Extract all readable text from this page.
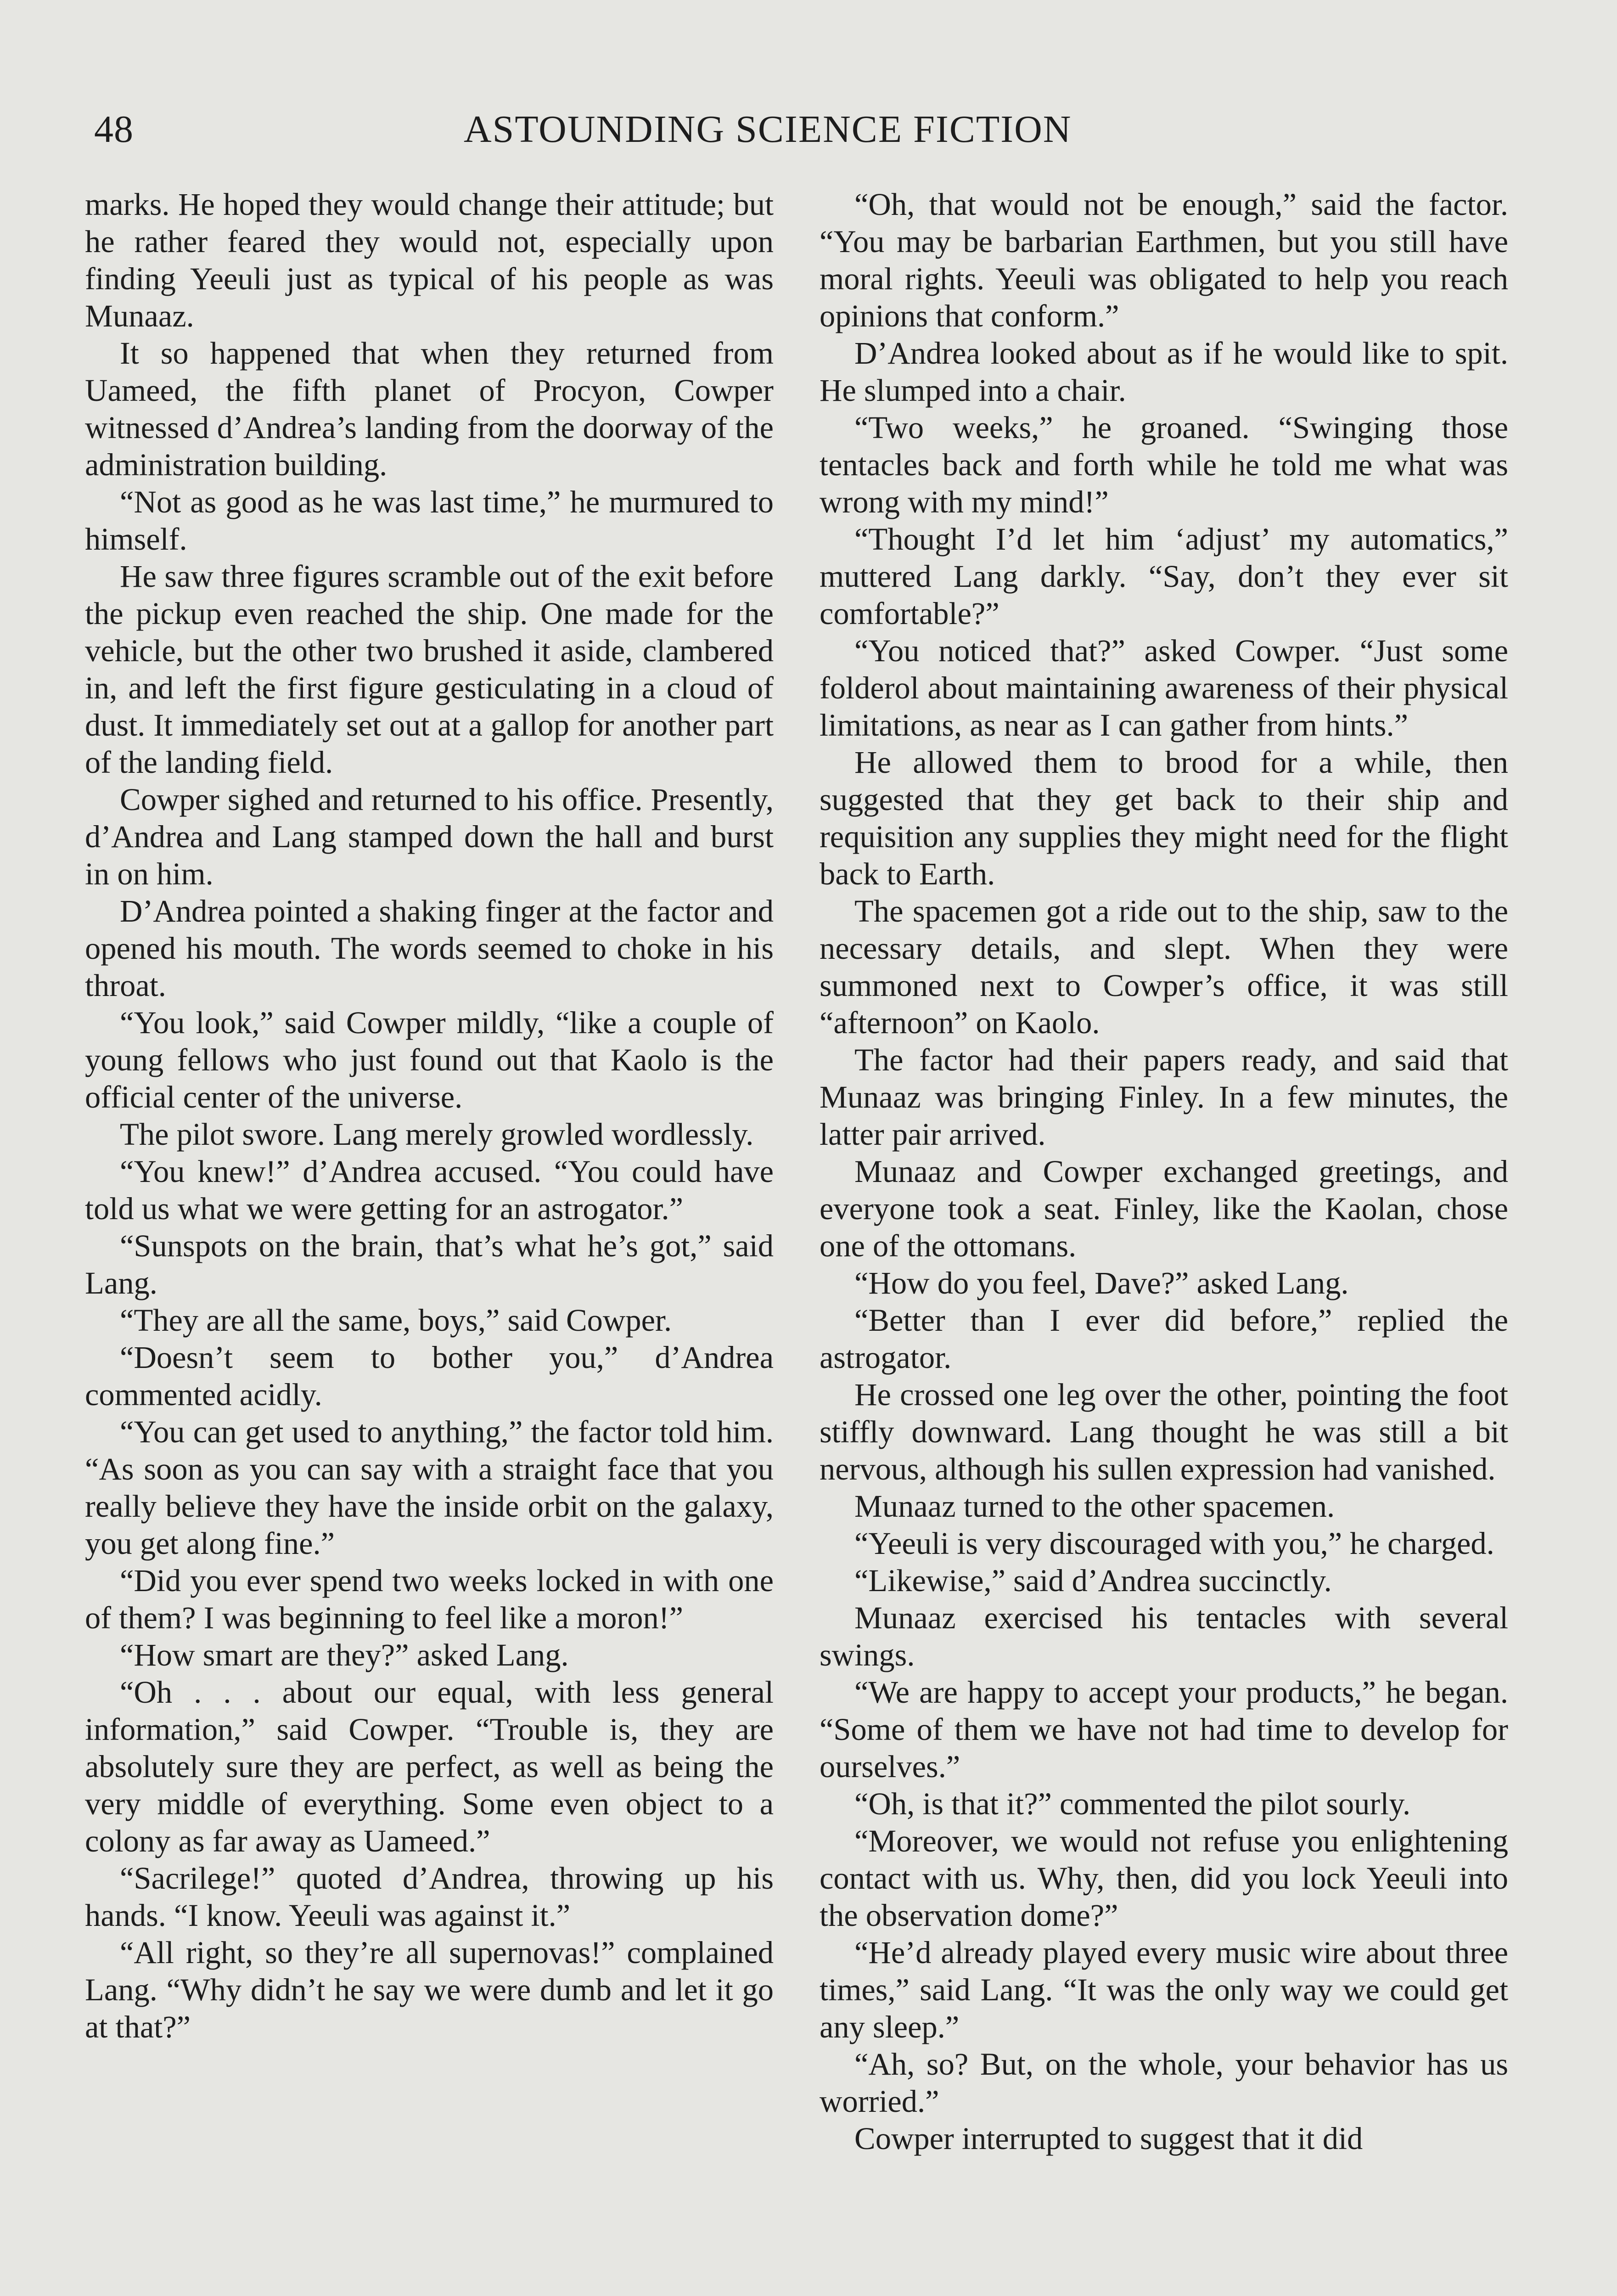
48	ASTOUNDING SCIENCE FICTION

marks. He hoped they would change their attitude; but he rather feared they would not, especially upon finding Yeeuli just as typical of his people as was Munaaz.

It so happened that when they returned from Uameed, the fifth planet of Procyon, Cowper witnessed d’Andrea’s landing from the doorway of the administration building.

“Not as good as he was last time,” he murmured to himself.

He saw three figures scramble out of the exit before the pickup even reached the ship. One made for the vehicle, but the other two brushed it aside, clambered in, and left the first figure gesticulating in a cloud of dust. It immediately set out at a gallop for another part of the landing field.

Cowper sighed and returned to his office. Presently, d’Andrea and Lang stamped down the hall and burst in on him.

D’Andrea pointed a shaking finger at the factor and opened his mouth. The words seemed to choke in his throat.

“You look,” said Cowper mildly, “like a couple of young fellows who just found out that Kaolo is the official center of the universe.

The pilot swore. Lang merely growled wordlessly.

“You knew!” d’Andrea accused. “You could have told us what we were getting for an astrogator.”

“Sunspots on the brain, that’s what he’s got,” said Lang.

“They are all the same, boys,” said Cowper.

“Doesn’t seem to bother you,” d’Andrea commented acidly.

“You can get used to anything,” the factor told him. “As soon as you can say with a straight face that you really believe they have the inside orbit on the galaxy, you get along fine.”

“Did you ever spend two weeks locked in with one of them? I was beginning to feel like a moron!”

“How smart are they?” asked Lang.

“Oh . . . about our equal, with less general information,” said Cowper. “Trouble is, they are absolutely sure they are perfect, as well as being the very middle of everything. Some even object to a colony as far away as Uameed.”

“Sacrilege!” quoted d’Andrea, throwing up his hands. “I know. Yeeuli was against it.”

“All right, so they’re all supernovas!” complained Lang. “Why didn’t he say we were dumb and let it go at that?”

“Oh, that would not be enough,” said the factor. “You may be barbarian Earthmen, but you still have moral rights. Yeeuli was obligated to help you reach opinions that conform.”

D’Andrea looked about as if he would like to spit. He slumped into a chair.

“Two weeks,” he groaned. “Swinging those tentacles back and forth while he told me what was wrong with my mind!”

“Thought I’d let him ‘adjust’ my automatics,” muttered Lang darkly. “Say, don’t they ever sit comfortable?”

“You noticed that?” asked Cowper. “Just some folderol about maintaining awareness of their physical limitations, as near as I can gather from hints.”

He allowed them to brood for a while, then suggested that they get back to their ship and requisition any supplies they might need for the flight back to Earth.

The spacemen got a ride out to the ship, saw to the necessary details, and slept. When they were summoned next to Cowper’s office, it was still “afternoon” on Kaolo.

The factor had their papers ready, and said that Munaaz was bringing Finley. In a few minutes, the latter pair arrived.

Munaaz and Cowper exchanged greetings, and everyone took a seat. Finley, like the Kaolan, chose one of the ottomans.

“How do you feel, Dave?” asked Lang.

“Better than I ever did before,” replied the astrogator.

He crossed one leg over the other, pointing the foot stiffly downward. Lang thought he was still a bit nervous, although his sullen expression had vanished.

Munaaz turned to the other spacemen.

“Yeeuli is very discouraged with you,” he charged.

“Likewise,” said d’Andrea succinctly.

Munaaz exercised his tentacles with several swings.

“We are happy to accept your products,” he began. “Some of them we have not had time to develop for ourselves.”

“Oh, is that it?” commented the pilot sourly.

“Moreover, we would not refuse you enlightening contact with us. Why, then, did you lock Yeeuli into the observation dome?”

“He’d already played every music wire about three times,” said Lang. “It was the only way we could get any sleep.”

“Ah, so? But, on the whole, your behavior has us worried.”

Cowper interrupted to suggest that it did
